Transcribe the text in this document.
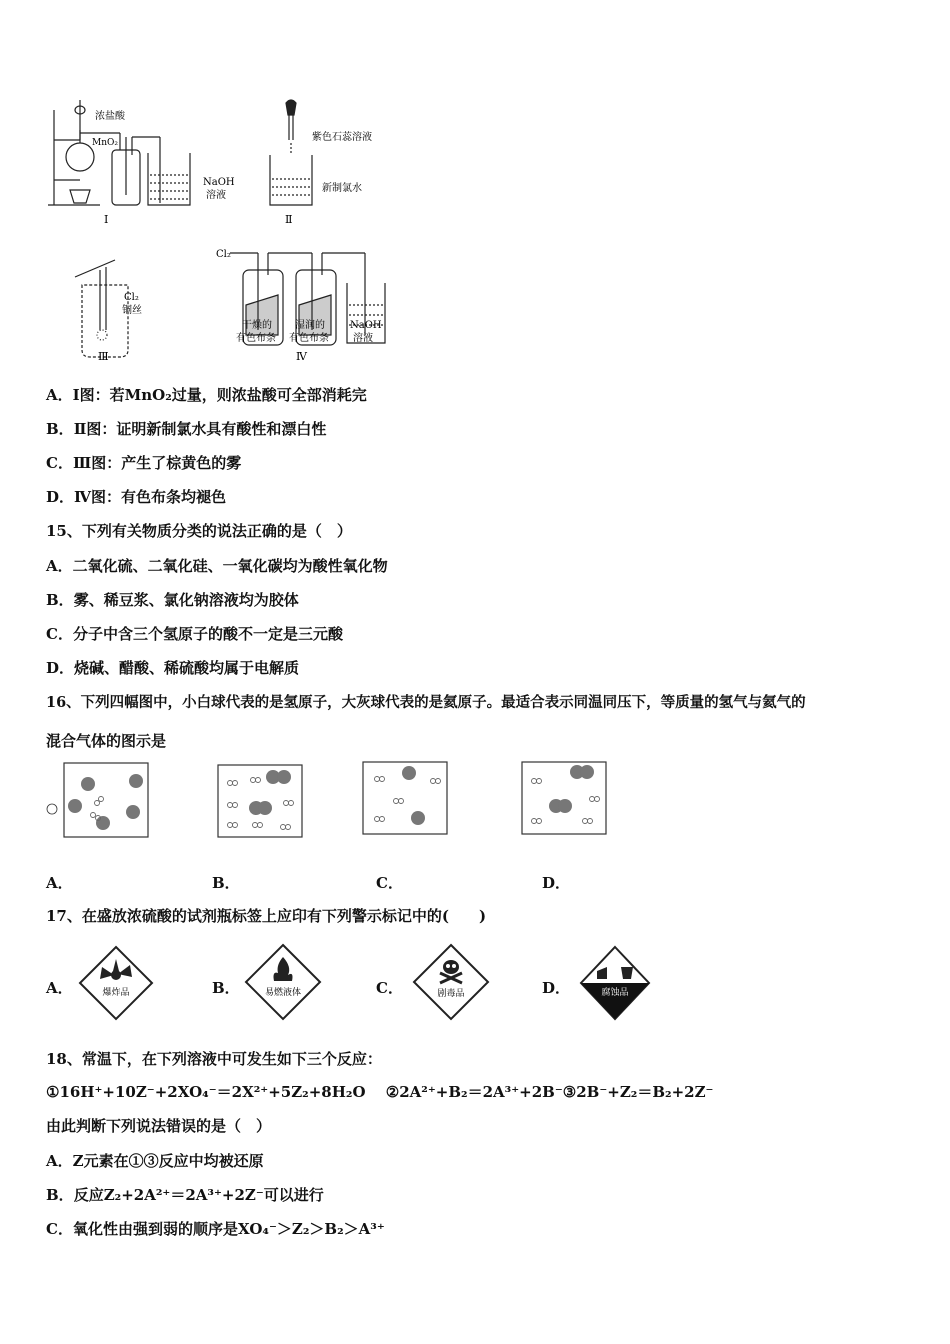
浓盐酸
MnO₂
NaOH
溶液
Ⅰ
紫色石蕊溶液
新制氯水
Ⅱ
Cl₂
铜丝
Ⅲ
Cl₂
干燥的
有色布条
湿润的
有色布条
NaOH
溶液
Ⅳ
A．Ⅰ图：若MnO₂过量，则浓盐酸可全部消耗完
B．Ⅱ图：证明新制氯水具有酸性和漂白性
C．Ⅲ图：产生了棕黄色的雾
D．Ⅳ图：有色布条均褪色
15、下列有关物质分类的说法正确的是（　）
A．二氧化硫、二氧化硅、一氧化碳均为酸性氧化物
B．雾、稀豆浆、氯化钠溶液均为胶体
C．分子中含三个氢原子的酸不一定是三元酸
D．烧碱、醋酸、稀硫酸均属于电解质
16、下列四幅图中，小白球代表的是氢原子，大灰球代表的是氦原子。最适合表示同温同压下，等质量的氢气与氦气的
混合气体的图示是
A．	B．	C．	D．
17、在盛放浓硫酸的试剂瓶标签上应印有下列警示标记中的(　　)
A．	B．	C．	D．
爆炸品	易燃液体	剧毒品	腐蚀品
18、常温下，在下列溶液中可发生如下三个反应：
①16H⁺+10Z⁻+2XO₄⁻＝2X²⁺+5Z₂+8H₂O　 ②2A²⁺+B₂＝2A³⁺+2B⁻③2B⁻+Z₂＝B₂+2Z⁻
由此判断下列说法错误的是（　）
A．Z元素在①③反应中均被还原
B．反应Z₂+2A²⁺＝2A³⁺+2Z⁻可以进行
C．氧化性由强到弱的顺序是XO₄⁻＞Z₂＞B₂＞A³⁺
